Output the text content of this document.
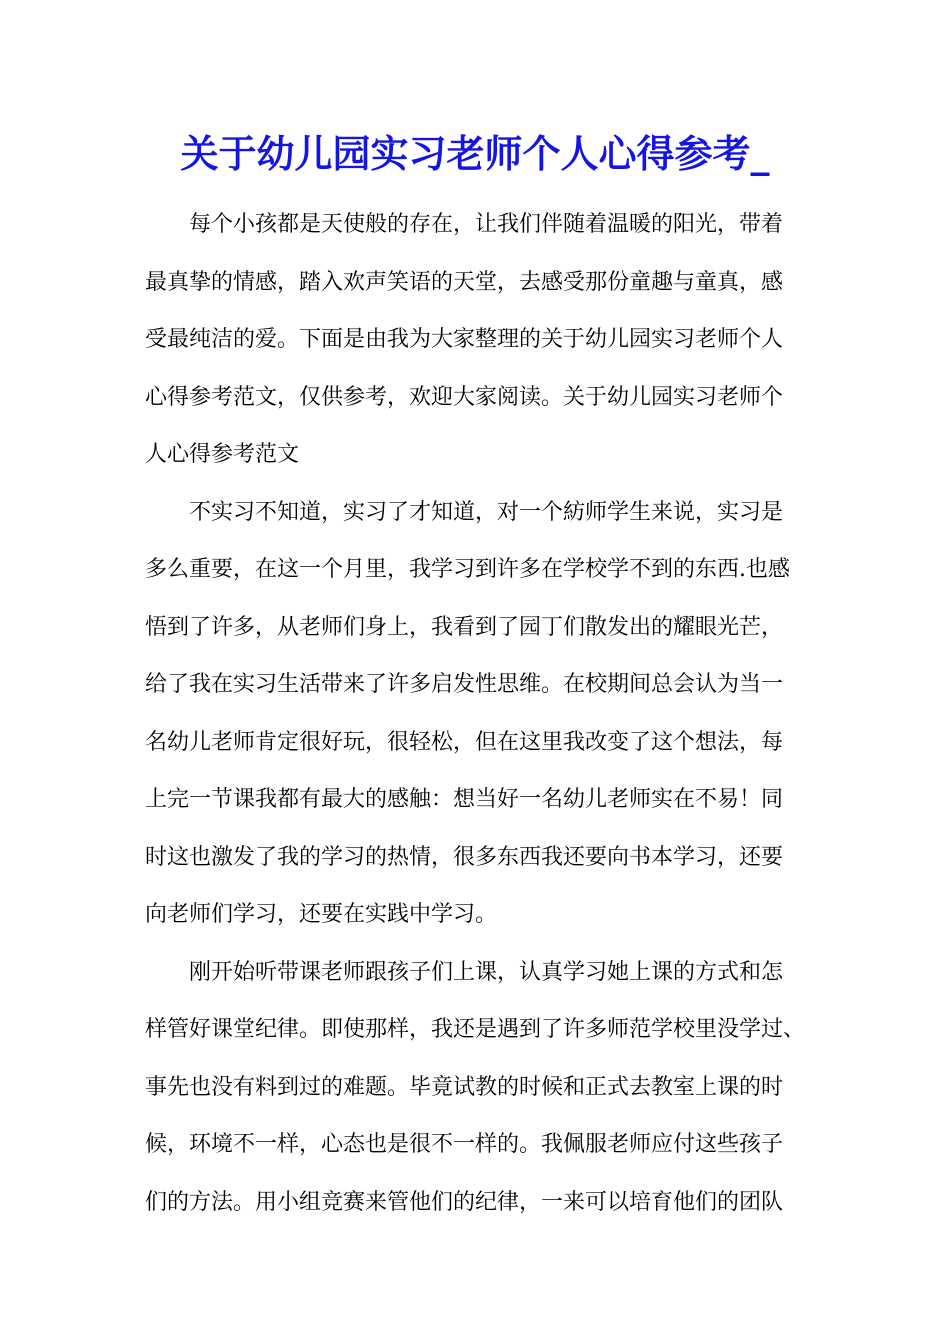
关于幼儿园实习老师个人心得参考_
每个小孩都是天使般的存在，让我们伴随着温暖的阳光，带着
最真挚的情感，踏入欢声笑语的天堂，去感受那份童趣与童真，感
受最纯洁的爱。下面是由我为大家整理的关于幼儿园实习老师个人
心得参考范文，仅供参考，欢迎大家阅读。关于幼儿园实习老师个
人心得参考范文
不实习不知道，实习了才知道，对一个紡师学生来说，实习是
多么重要，在这一个月里，我学习到许多在学校学不到的东西.也感
悟到了许多，从老师们身上，我看到了园丁们散发出的耀眼光芒，
给了我在实习生活带来了许多启发性思维。在校期间总会认为当一
名幼儿老师肯定很好玩，很轻松，但在这里我改变了这个想法，每
上完一节课我都有最大的感触：想当好一名幼儿老师实在不易！同
时这也激发了我的学习的热情，很多东西我还要向书本学习，还要
向老师们学习，还要在实践中学习。
刚开始听带课老师跟孩子们上课，认真学习她上课的方式和怎
样管好课堂纪律。即使那样，我还是遇到了许多师范学校里没学过、
事先也没有料到过的难题。毕竟试教的时候和正式去教室上课的时
候，环境不一样，心态也是很不一样的。我佩服老师应付这些孩子
们的方法。用小组竞赛来管他们的纪律，一来可以培育他们的团队
